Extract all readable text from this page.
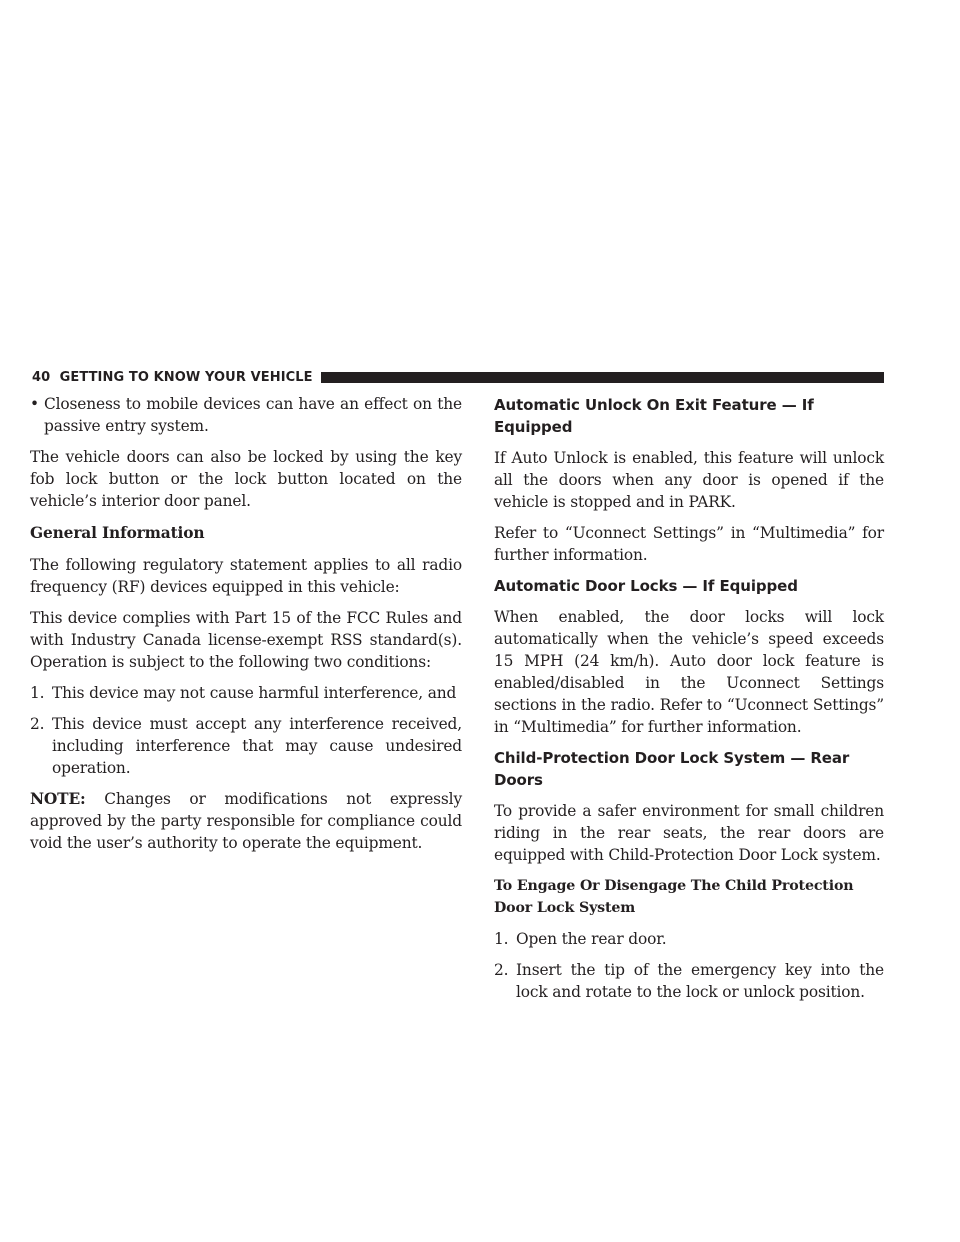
40 GETTING TO KNOW YOUR VEHICLE
• Closeness to mobile devices can have an effect on the passive entry system.

The vehicle doors can also be locked by using the key fob lock button or the lock button located on the vehicle’s interior door panel.

General Information

The following regulatory statement applies to all radio frequency (RF) devices equipped in this vehicle:

This device complies with Part 15 of the FCC Rules and with Industry Canada license-exempt RSS standard(s). Operation is subject to the following two conditions:

1. This device may not cause harmful interference, and
2. This device must accept any interference received, including interference that may cause undesired operation.

NOTE: Changes or modifications not expressly approved by the party responsible for compliance could void the user’s authority to operate the equipment.

Automatic Unlock On Exit Feature — If Equipped

If Auto Unlock is enabled, this feature will unlock all the doors when any door is opened if the vehicle is stopped and in PARK.

Refer to “Uconnect Settings” in “Multimedia” for further information.

Automatic Door Locks — If Equipped

When enabled, the door locks will lock automatically when the vehicle’s speed exceeds 15 MPH (24 km/h). Auto door lock feature is enabled/disabled in the Uconnect Settings sections in the radio. Refer to “Uconnect Settings” in “Multimedia” for further information.

Child-Protection Door Lock System — Rear Doors

To provide a safer environment for small children riding in the rear seats, the rear doors are equipped with Child-Protection Door Lock system.

To Engage Or Disengage The Child Protection Door Lock System
1. Open the rear door.
2. Insert the tip of the emergency key into the lock and rotate to the lock or unlock position.
